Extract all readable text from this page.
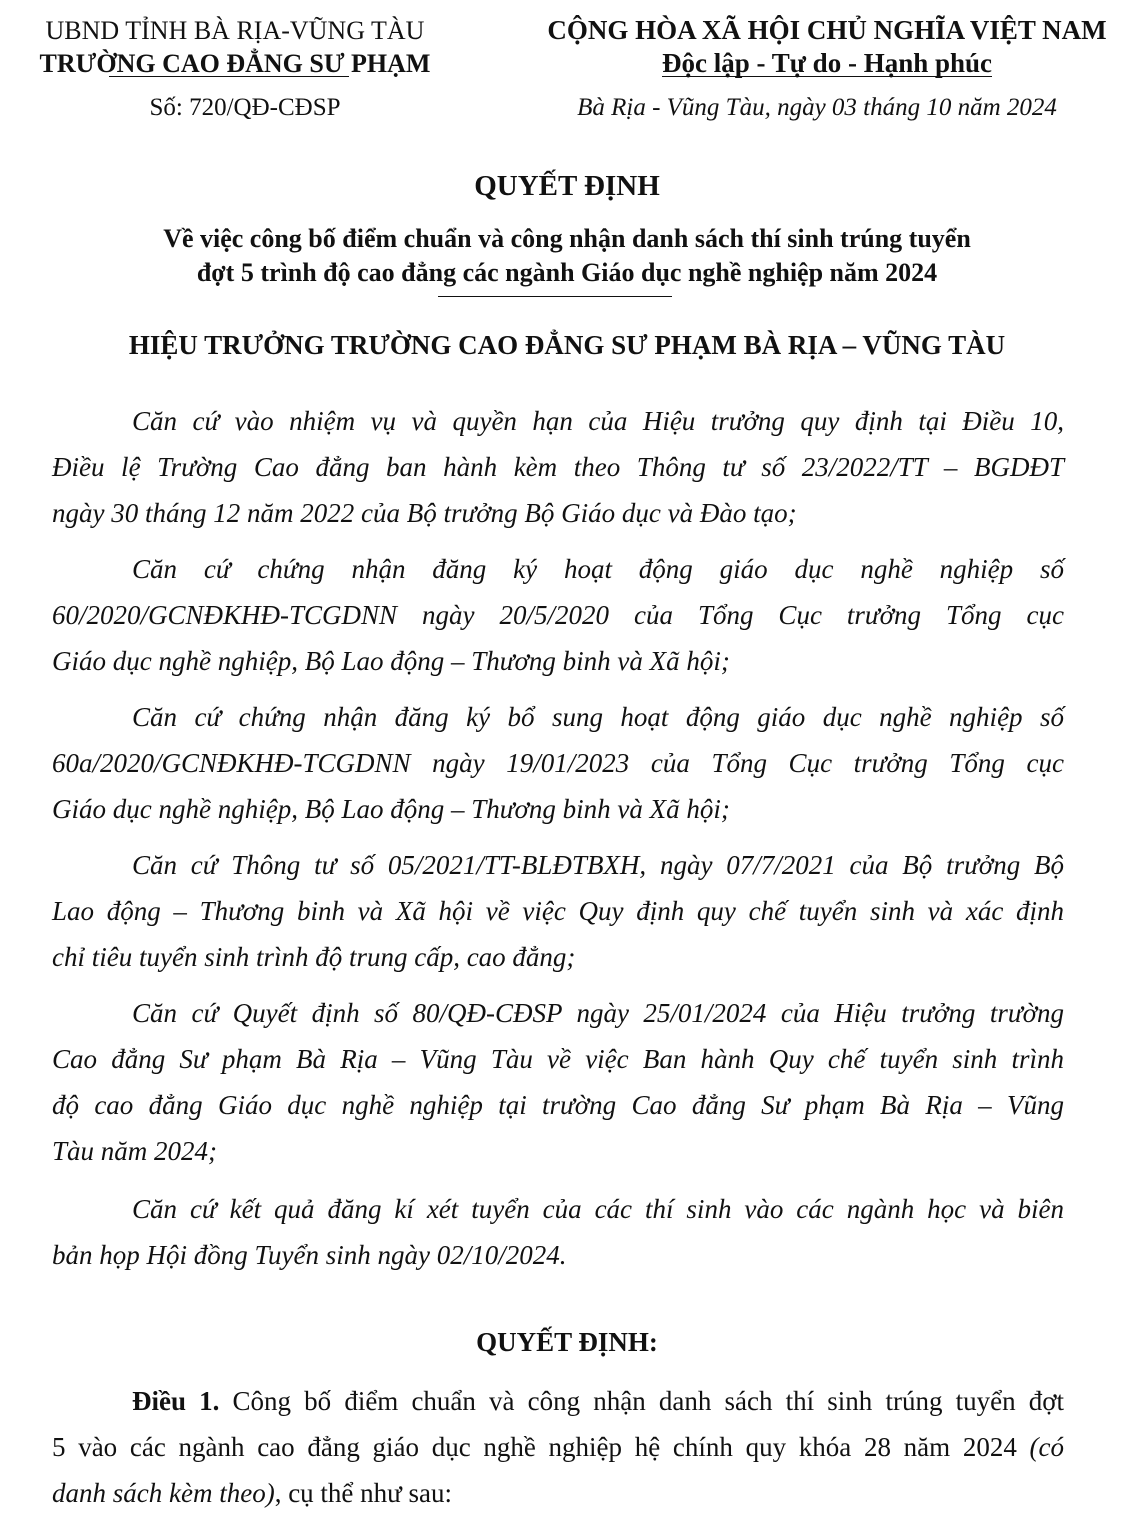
UBND TỈNH BÀ RỊA-VŨNG TÀU
TRƯỜNG CAO ĐẲNG SƯ
PHẠM
CỘNG HÒA XÃ HỘI CHỦ NGHĨA VIỆT NAM
Độc lập - Tự do - Hạnh phúc
Số: 720/QĐ-CĐSP	Bà Rịa - Vũng Tàu, ngày 03 tháng 10 năm 2024
QUYẾT ĐỊNH
Về việc công bố điểm chuẩn và công nhận danh sách thí sinh trúng tuyển
đợt 5 trình độ cao đẳng các ngành Giáo dục nghề nghiệp năm 2024
HIỆU TRƯỞNG TRƯỜNG CAO ĐẲNG SƯ PHẠM BÀ RỊA – VŨNG TÀU
Căn cứ vào nhiệm vụ và quyền hạn của Hiệu trưởng quy định tại Điều 10,
Điều lệ Trường Cao đẳng ban hành kèm theo Thông tư số 23/2022/TT – BGDĐT
ngày 30 tháng 12 năm 2022 của Bộ trưởng Bộ Giáo dục và Đào tạo;
Căn cứ chứng nhận đăng ký hoạt động giáo dục nghề nghiệp số
60/2020/GCNĐKHĐ-TCGDNN ngày 20/5/2020 của Tổng Cục trưởng Tổng cục
Giáo dục nghề nghiệp, Bộ Lao động – Thương binh và Xã hội;
Căn cứ chứng nhận đăng ký bổ sung hoạt động giáo dục nghề nghiệp số
60a/2020/GCNĐKHĐ-TCGDNN ngày 19/01/2023 của Tổng Cục trưởng Tổng cục
Giáo dục nghề nghiệp, Bộ Lao động – Thương binh và Xã hội;
Căn cứ Thông tư số 05/2021/TT-BLĐTBXH, ngày 07/7/2021 của Bộ trưởng Bộ
Lao động – Thương binh và Xã hội về việc Quy định quy chế tuyển sinh và xác định
chỉ tiêu tuyển sinh trình độ trung cấp, cao đẳng;
Căn cứ Quyết định số 80/QĐ-CĐSP ngày 25/01/2024 của Hiệu trưởng trường
Cao đẳng Sư phạm Bà Rịa – Vũng Tàu về việc Ban hành Quy chế tuyển sinh trình
độ cao đẳng Giáo dục nghề nghiệp tại trường Cao đẳng Sư phạm Bà Rịa – Vũng
Tàu năm 2024;
Căn cứ kết quả đăng kí xét tuyển của các thí sinh vào các ngành học và biên
bản họp Hội đồng Tuyển sinh ngày 02/10/2024.
QUYẾT ĐỊNH:
Điều 1. Công bố điểm chuẩn và công nhận danh sách thí sinh trúng tuyển đợt
5 vào các ngành cao đẳng giáo dục nghề nghiệp hệ chính quy khóa 28 năm 2024 (có
danh sách kèm theo), cụ thể như sau:
